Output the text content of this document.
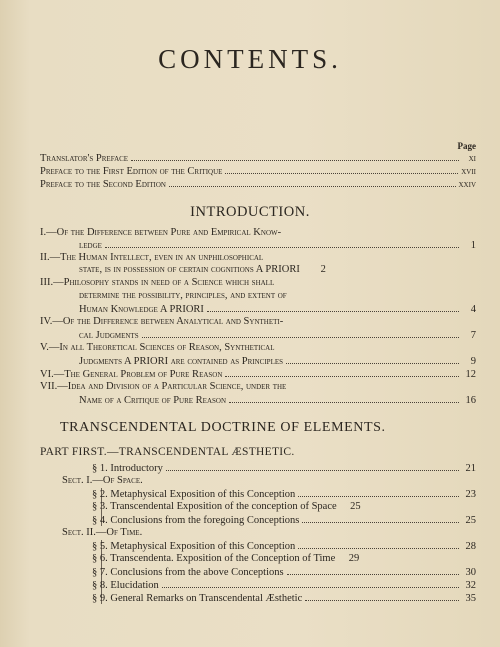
CONTENTS.
Page
Translator's Preface	xi
Preface to the First Edition of the Critique	xvii
Preface to the Second Edition	xxiv
INTRODUCTION.
I.—Of the Difference between Pure and Empirical Know-
ledge	1
II.—The Human Intellect, even in an unphilosophical
state, is in possession of certain cognitions A PRIORI	2
III.—Philosophy stands in need of a Science which shall
determine the possibility, principles, and extent of
Human Knowledge A PRIORI	4
IV.—Of the Difference between Analytical and Syntheti-
cal Judgments	7
V.—In all Theoretical Sciences of Reason, Synthetical
Judgments A PRIORI are contained as Principles	9
VI.—The General Problem of Pure Reason	12
VII.—Idea and Division of a Particular Science, under the
Name of a Critique of Pure Reason	16
TRANSCENDENTAL DOCTRINE OF ELEMENTS.
PART FIRST.—TRANSCENDENTAL ÆSTHETIC.
§ 1. Introductory	21
Sect. I.—Of Space.
§ 2. Metaphysical Exposition of this Conception	23
§ 3. Transcendental Exposition of the conception of Space	25
§ 4. Conclusions from the foregoing Conceptions	25
Sect. II.—Of Time.
§ 5. Metaphysical Exposition of this Conception	28
§ 6. Transcendenta. Exposition of the Conception of Time	29
§ 7. Conclusions from the above Conceptions	30
§ 8. Elucidation	32
§ 9. General Remarks on Transcendental Æsthetic	35
